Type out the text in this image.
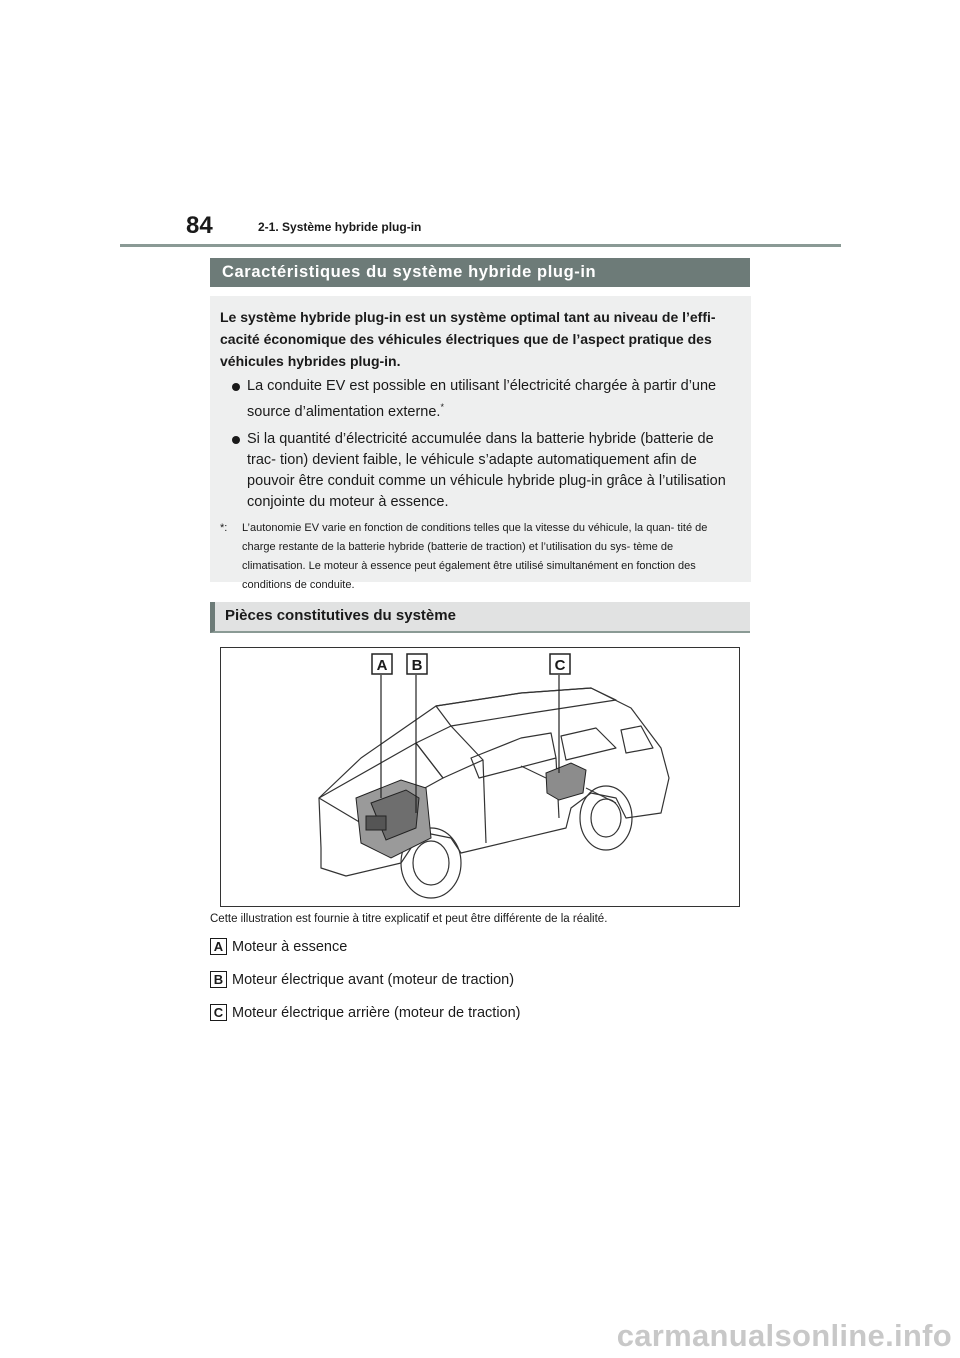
84	2-1. Système hybride plug-in
Caractéristiques du système hybride plug-in

Le système hybride plug-in est un système optimal tant au niveau de l’effi- cacité économique des véhicules électriques que de l’aspect pratique des véhicules hybrides plug-in.

La conduite EV est possible en utilisant l’électricité chargée à partir d’une source d’alimentation externe.*
Si la quantité d’électricité accumulée dans la batterie hybride (batterie de trac- tion) devient faible, le véhicule s’adapte automatiquement afin de pouvoir être conduit comme un véhicule hybride plug-in grâce à l’utilisation conjointe du moteur à essence.
*: L’autonomie EV varie en fonction de conditions telles que la vitesse du véhicule, la quan- tité de charge restante de la batterie hybride (batterie de traction) et l’utilisation du sys- tème de climatisation. Le moteur à essence peut également être utilisé simultanément en fonction des conditions de conduite.
Pièces constitutives du système
A B	C
Cette illustration est fournie à titre explicatif et peut être différente de la réalité.
A Moteur à essence
B Moteur électrique avant (moteur de traction)
C Moteur électrique arrière (moteur de traction)
carmanualsonline.info
